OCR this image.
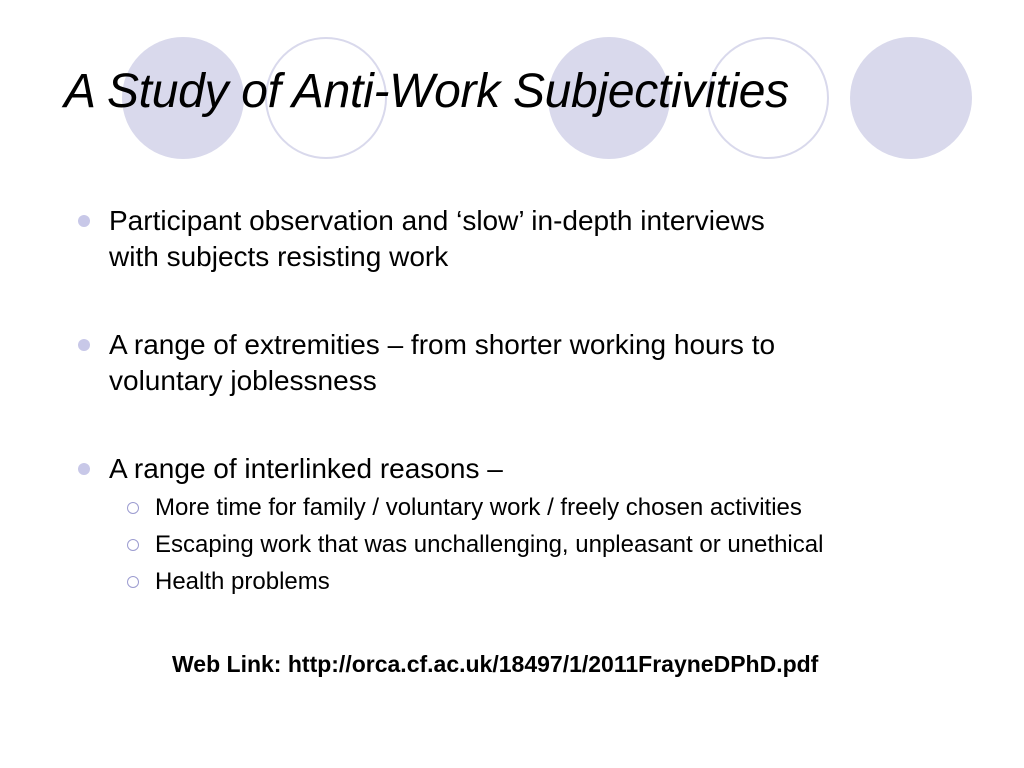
A Study of Anti-Work Subjectivities
Participant observation and ‘slow’ in-depth interviews
with subjects resisting work
A range of extremities – from shorter working hours to
voluntary joblessness
A range of interlinked reasons –
More time for family / voluntary work / freely chosen activities
Escaping work that was unchallenging, unpleasant or unethical
Health problems
Web Link: http://orca.cf.ac.uk/18497/1/2011FrayneDPhD.pdf
